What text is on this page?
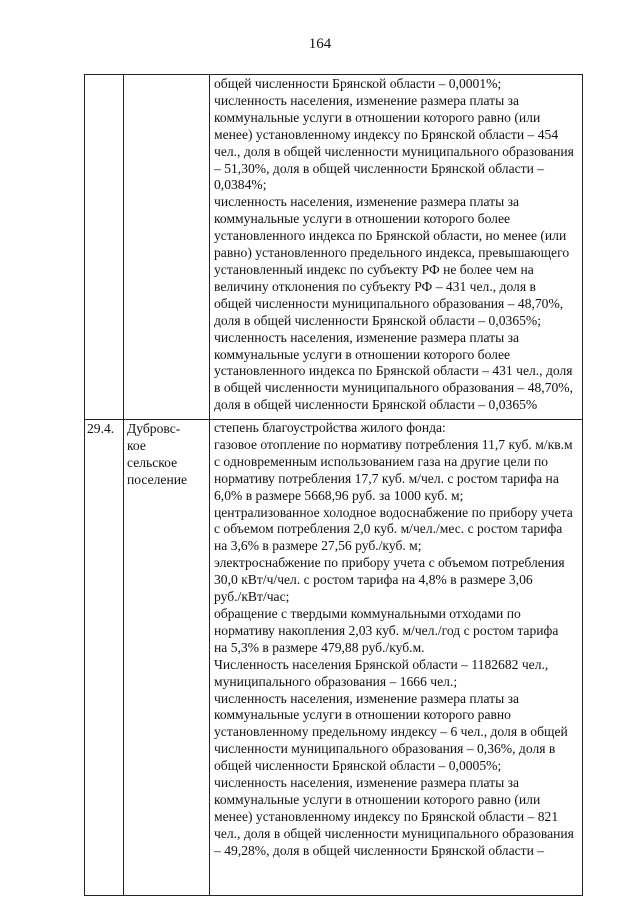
164
общей численности Брянской области – 0,0001%;
численность населения, изменение размера платы за
коммунальные услуги в отношении которого равно (или
менее) установленному индексу по Брянской области – 454
чел., доля в общей численности муниципального образования
– 51,30%, доля в общей численности Брянской области –
0,0384%;
численность населения, изменение размера платы за
коммунальные услуги в отношении которого более
установленного индекса по Брянской области, но менее (или
равно) установленного предельного индекса, превышающего
установленный индекс по субъекту РФ не более чем на
величину отклонения по субъекту РФ – 431 чел., доля в
общей численности муниципального образования – 48,70%,
доля в общей численности Брянской области – 0,0365%;
численность населения, изменение размера платы за
коммунальные услуги в отношении которого более
установленного индекса по Брянской области – 431 чел., доля
в общей численности муниципального образования – 48,70%,
доля в общей численности Брянской области – 0,0365%
29.4. Дубровс-
кое
сельское
поселение
степень благоустройства жилого фонда:
газовое отопление по нормативу потребления 11,7 куб. м/кв.м
с одновременным использованием газа на другие цели по
нормативу потребления 17,7 куб. м/чел. с ростом тарифа на
6,0% в размере 5668,96 руб. за 1000 куб. м;
централизованное холодное водоснабжение по прибору учета
с объемом потребления 2,0 куб. м/чел./мес. с ростом тарифа
на 3,6% в размере 27,56 руб./куб. м;
электроснабжение по прибору учета с объемом потребления
30,0 кВт/ч/чел. с ростом тарифа на 4,8% в размере 3,06
руб./кВт/час;
обращение с твердыми коммунальными отходами по
нормативу накопления 2,03 куб. м/чел./год с ростом тарифа
на 5,3% в размере 479,88 руб./куб.м.
Численность населения Брянской области – 1182682 чел.,
муниципального образования – 1666 чел.;
численность населения, изменение размера платы за
коммунальные услуги в отношении которого равно
установленному предельному индексу – 6 чел., доля в общей
численности муниципального образования – 0,36%, доля в
общей численности Брянской области – 0,0005%;
численность населения, изменение размера платы за
коммунальные услуги в отношении которого равно (или
менее) установленному индексу по Брянской области – 821
чел., доля в общей численности муниципального образования
– 49,28%, доля в общей численности Брянской области –
